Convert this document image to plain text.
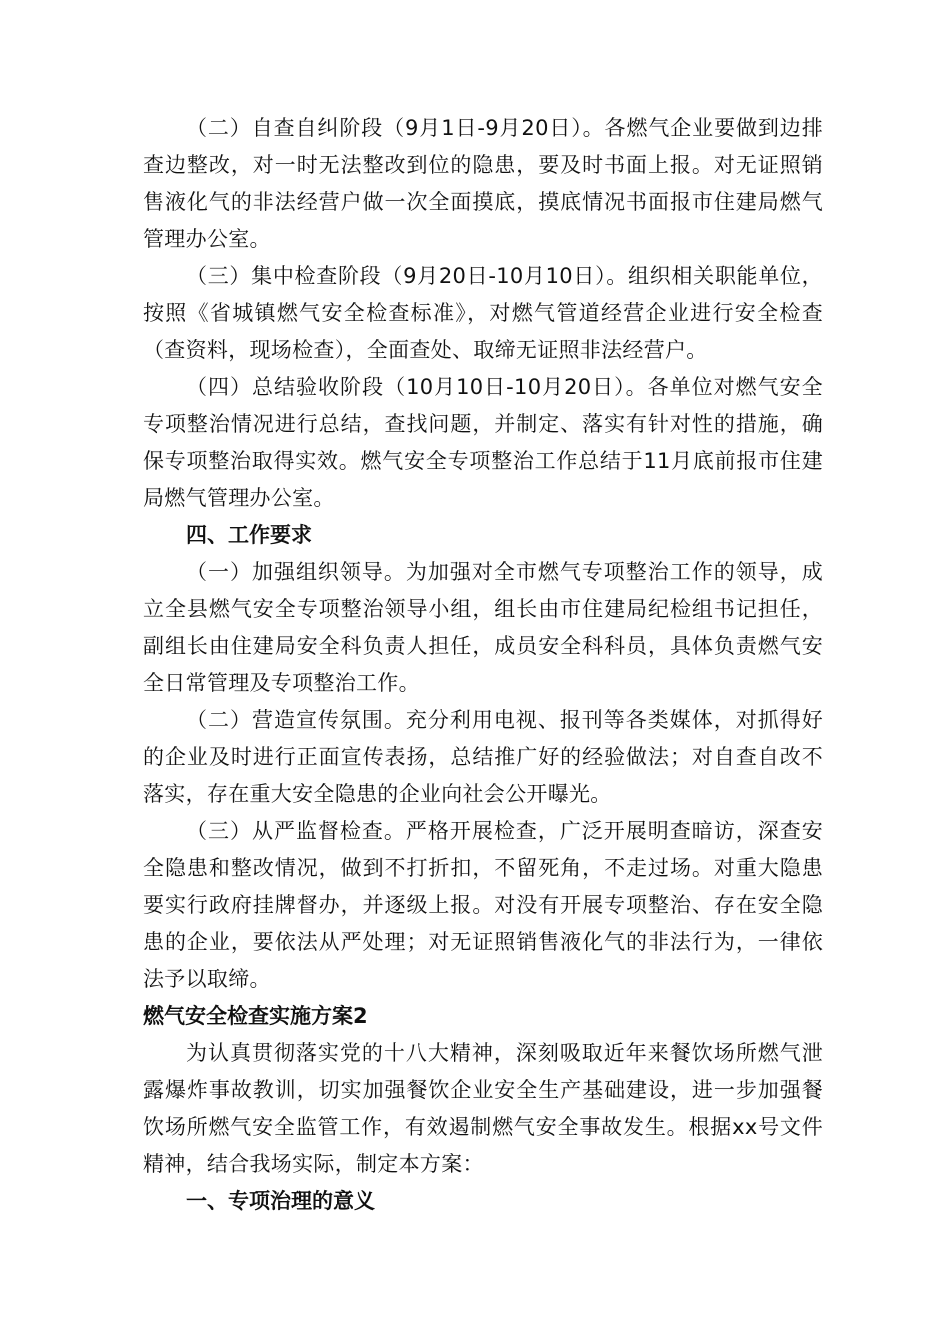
（二）自查自纠阶段（9月1日-9月20日）。各燃气企业要做到边排查边整改，对一时无法整改到位的隐患，要及时书面上报。对无证照销售液化气的非法经营户做一次全面摸底，摸底情况书面报市住建局燃气管理办公室。

（三）集中检查阶段（9月20日-10月10日）。组织相关职能单位，按照《省城镇燃气安全检查标准》，对燃气管道经营企业进行安全检查（查资料，现场检查），全面查处、取缔无证照非法经营户。

（四）总结验收阶段（10月10日-10月20日）。各单位对燃气安全专项整治情况进行总结，查找问题，并制定、落实有针对性的措施，确保专项整治取得实效。燃气安全专项整治工作总结于11月底前报市住建局燃气管理办公室。

四、工作要求

（一）加强组织领导。为加强对全市燃气专项整治工作的领导，成立全县燃气安全专项整治领导小组，组长由市住建局纪检组书记担任，副组长由住建局安全科负责人担任，成员安全科科员，具体负责燃气安全日常管理及专项整治工作。

（二）营造宣传氛围。充分利用电视、报刊等各类媒体，对抓得好的企业及时进行正面宣传表扬，总结推广好的经验做法；对自查自改不落实，存在重大安全隐患的企业向社会公开曝光。

（三）从严监督检查。严格开展检查，广泛开展明查暗访，深查安全隐患和整改情况，做到不打折扣，不留死角，不走过场。对重大隐患要实行政府挂牌督办，并逐级上报。对没有开展专项整治、存在安全隐患的企业，要依法从严处理；对无证照销售液化气的非法行为，一律依法予以取缔。

燃气安全检查实施方案2

为认真贯彻落实党的十八大精神，深刻吸取近年来餐饮场所燃气泄露爆炸事故教训，切实加强餐饮企业安全生产基础建设，进一步加强餐饮场所燃气安全监管工作，有效遏制燃气安全事故发生。根据xx号文件精神，结合我场实际，制定本方案：

一、专项治理的意义
